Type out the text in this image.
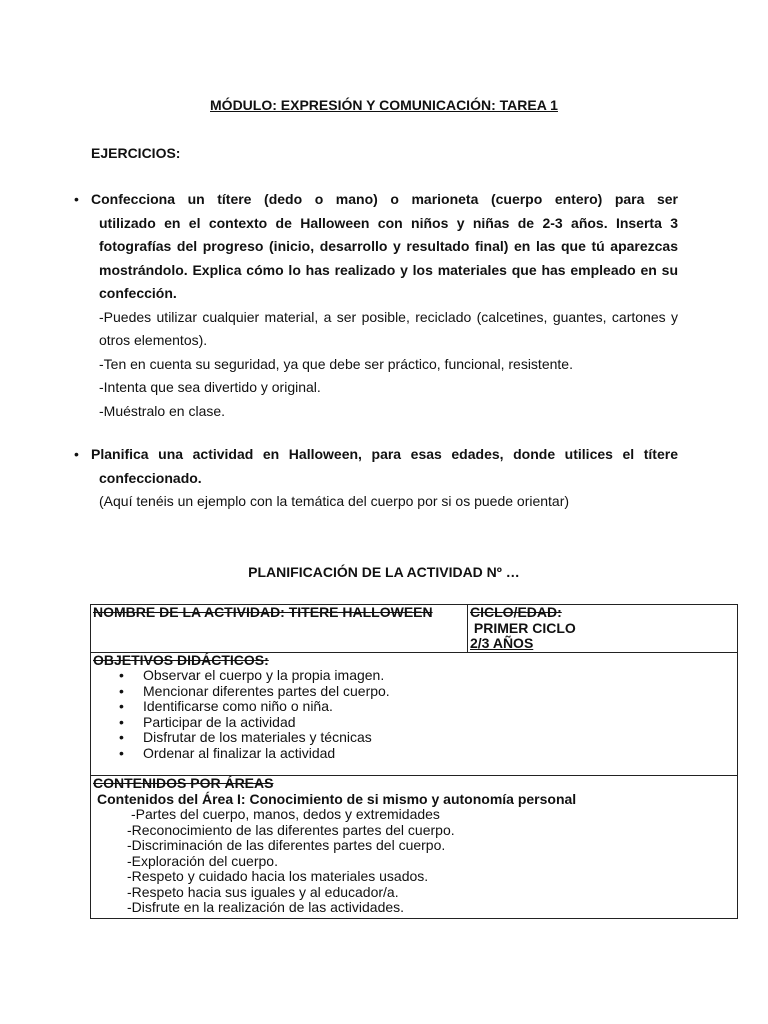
MÓDULO: EXPRESIÓN Y COMUNICACIÓN: TAREA 1
EJERCICIOS:
• Confecciona un títere (dedo o mano) o marioneta (cuerpo entero) para ser
utilizado en el contexto de Halloween con niños y niñas de 2-3 años. Inserta 3 fotografías del progreso (inicio, desarrollo y resultado final) en las que tú aparezcas mostrándolo. Explica cómo lo has realizado y los materiales que has empleado en su confección.
-Puedes utilizar cualquier material, a ser posible, reciclado (calcetines, guantes, cartones y otros elementos).
-Ten en cuenta su seguridad, ya que debe ser práctico, funcional, resistente.
-Intenta que sea divertido y original.
-Muéstralo en clase.
• Planifica una actividad en Halloween, para esas edades, donde utilices el títere
confeccionado.
(Aquí tenéis un ejemplo con la temática del cuerpo por si os puede orientar)
PLANIFICACIÓN DE LA ACTIVIDAD Nº …
NOMBRE DE LA ACTIVIDAD: TITERE HALLOWEEN	CICLO/EDAD:
PRIMER CICLO
2/3 AÑOS

OBJETIVOS DIDÁCTICOS:
• Observar el cuerpo y la propia imagen.
• Mencionar diferentes partes del cuerpo.
• Identificarse como niño o niña.
• Participar de la actividad
• Disfrutar de los materiales y técnicas
• Ordenar al finalizar la actividad

CONTENIDOS POR ÁREAS
Contenidos del Área I: Conocimiento de si mismo y autonomía personal
-Partes del cuerpo, manos, dedos y extremidades
-Reconocimiento de las diferentes partes del cuerpo.
-Discriminación de las diferentes partes del cuerpo.
-Exploración del cuerpo.
-Respeto y cuidado hacia los materiales usados.
-Respeto hacia sus iguales y al educador/a.
-Disfrute en la realización de las actividades.
